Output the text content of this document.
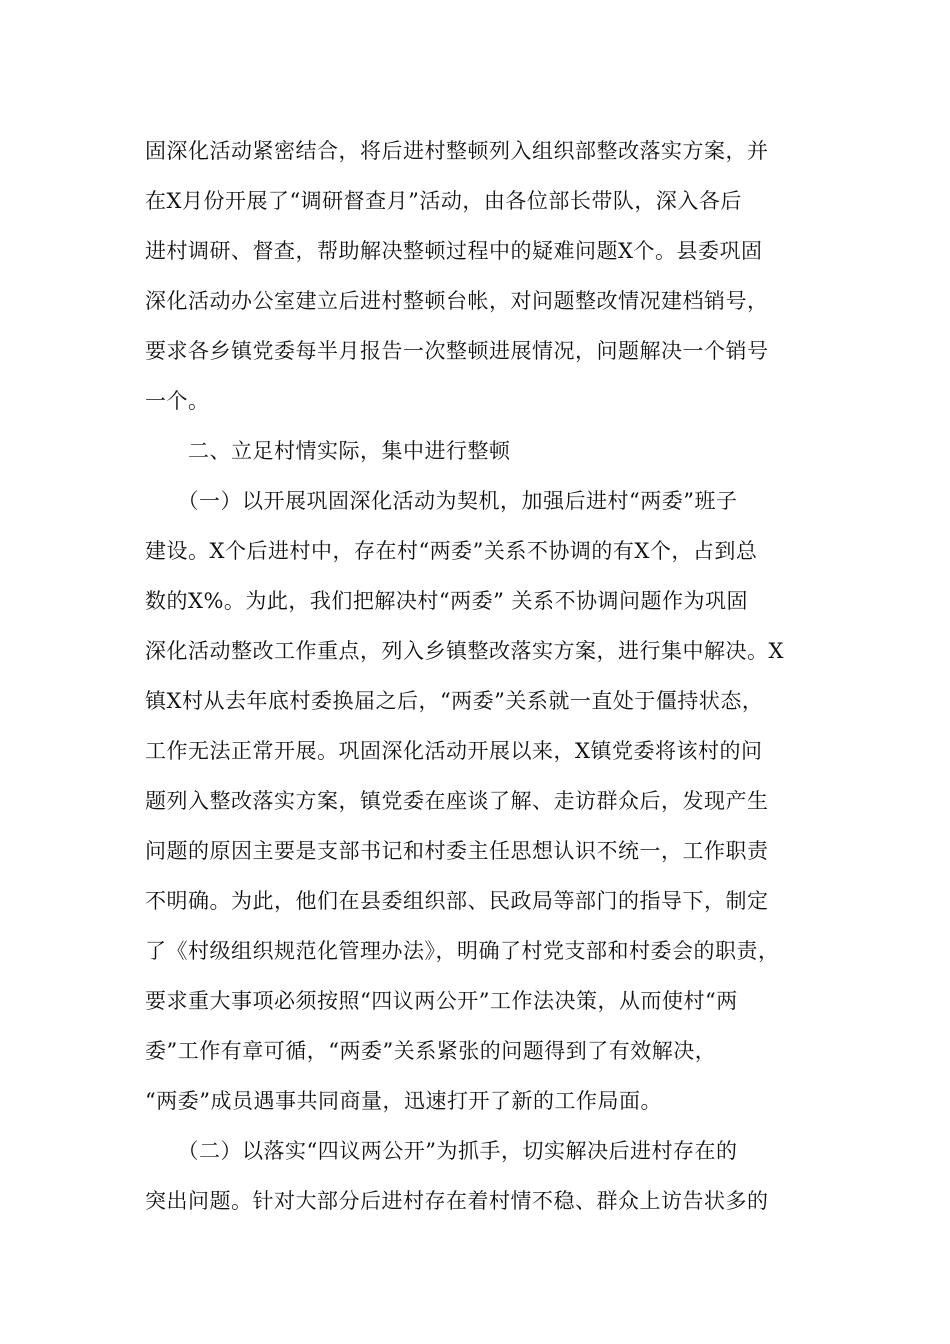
固深化活动紧密结合，将后进村整顿列入组织部整改落实方案，并
在X月份开展了“调研督查月”活动，由各位部长带队，深入各后
进村调研、督查，帮助解决整顿过程中的疑难问题X个。县委巩固
深化活动办公室建立后进村整顿台帐，对问题整改情况建档销号，
要求各乡镇党委每半月报告一次整顿进展情况，问题解决一个销号
一个。
　　二、立足村情实际，集中进行整顿
　　（一）以开展巩固深化活动为契机，加强后进村“两委”班子
建设。X个后进村中，存在村“两委”关系不协调的有X个，占到总
数的X%。为此，我们把解决村“两委” 关系不协调问题作为巩固
深化活动整改工作重点，列入乡镇整改落实方案，进行集中解决。X
镇X村从去年底村委换届之后，“两委”关系就一直处于僵持状态，
工作无法正常开展。巩固深化活动开展以来，X镇党委将该村的问
题列入整改落实方案，镇党委在座谈了解、走访群众后，发现产生
问题的原因主要是支部书记和村委主任思想认识不统一，工作职责
不明确。为此，他们在县委组织部、民政局等部门的指导下，制定
了《村级组织规范化管理办法》，明确了村党支部和村委会的职责，
要求重大事项必须按照“四议两公开”工作法决策，从而使村“两
委”工作有章可循，“两委”关系紧张的问题得到了有效解决，
“两委”成员遇事共同商量，迅速打开了新的工作局面。
　　（二）以落实“四议两公开”为抓手，切实解决后进村存在的
突出问题。针对大部分后进村存在着村情不稳、群众上访告状多的
